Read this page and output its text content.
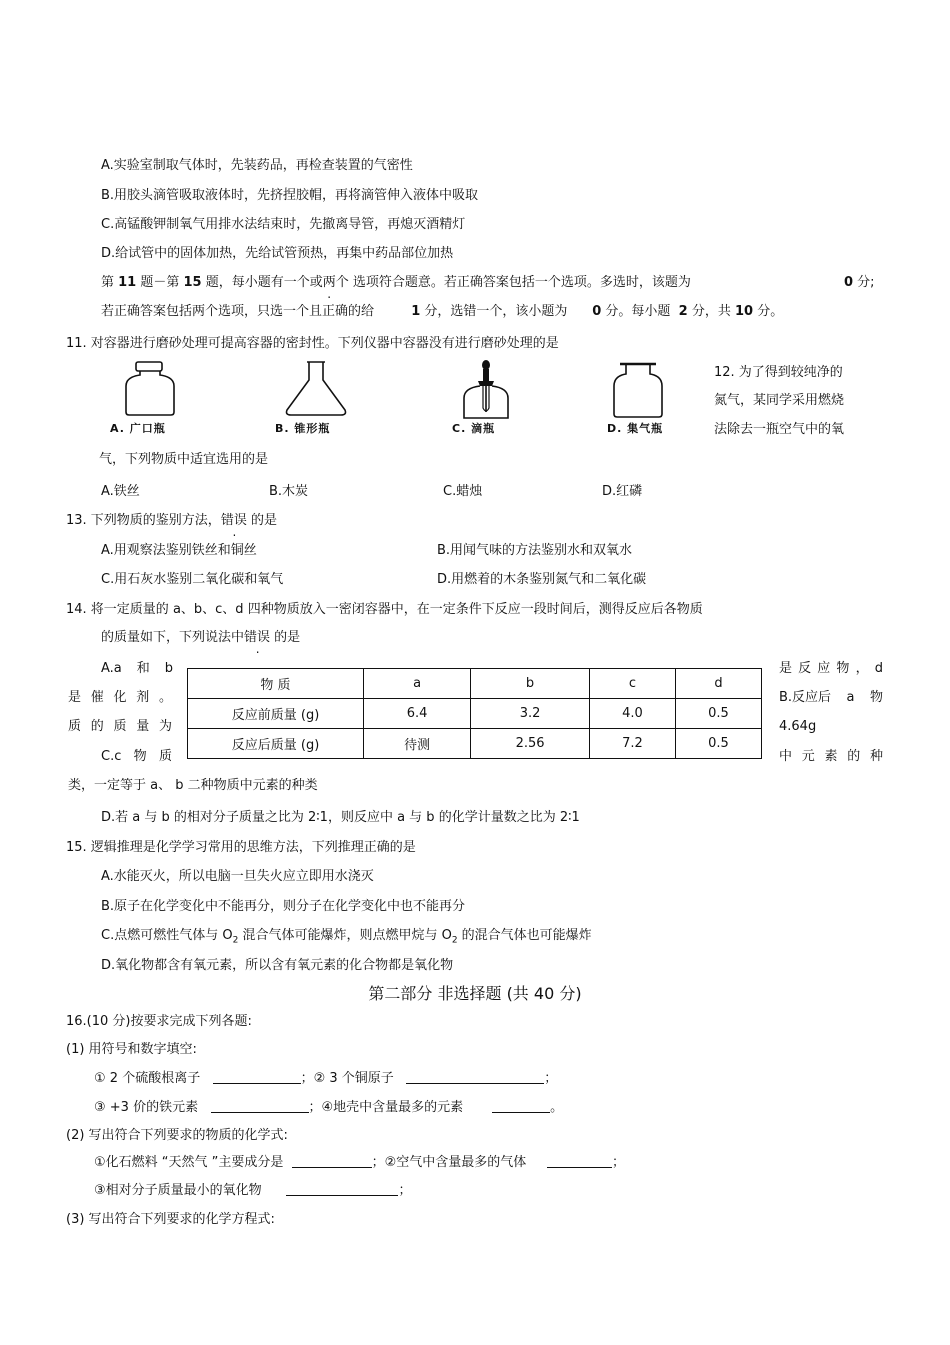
A.实验室制取气体时，先装药品，再检查装置的气密性
B.用胶头滴管吸取液体时，先挤捏胶帽，再将滴管伸入液体中吸取
C.高锰酸钾制氧气用排水法结束时，先撤离导管，再熄灭酒精灯
D.给试管中的固体加热，先给试管预热，再集中药品部位加热
第 11 题－第 15 题，每小题有一个或两个 选项符合题意。若正确答案包括一个选项。多选时，该题为	0 分;
若正确答案包括两个选项，只选一个且正确的给	1 分，选错一个，该小题为 0 分。每小题 2 分，共 10 分。
11. 对容器进行磨砂处理可提高容器的密封性。下列仪器中容器没有进行磨砂处理的是
A. 广口瓶	B. 锥形瓶	C. 滴瓶	D. 集气瓶
12. 为了得到较纯净的
氮气，某同学采用燃烧
法除去一瓶空气中的氧
气，下列物质中适宜选用的是
A.铁丝	B.木炭	C.蜡烛	D.红磷
13. 下列物质的鉴别方法，错误 的是
A.用观察法鉴别铁丝和铜丝	B.用闻气味的方法鉴别水和双氧水
C.用石灰水鉴别二氧化碳和氧气	D.用燃着的木条鉴别氮气和二氧化碳
14. 将一定质量的 a、b、c、d 四种物质放入一密闭容器中，在一定条件下反应一段时间后，测得反应后各物质
的质量如下，下列说法中错误 的是
A.a 和 b
是 催 化 剂 。
质 的 质 量 为
C.c 物 质
物 质	a	b	c	d
反应前质量 (g)	6.4	3.2	4.0	0.5
反应后质量 (g)	待测	2.56	7.2	0.5
是 反 应 物 ， d
B.反应后 a 物
4.64g
中 元 素 的 种
类，一定等于 a、 b 二种物质中元素的种类
D.若 a 与 b 的相对分子质量之比为 2∶1，则反应中 a 与 b 的化学计量数之比为 2∶1
15. 逻辑推理是化学学习常用的思维方法，下列推理正确的是
A.水能灭火，所以电脑一旦失火应立即用水浇灭
B.原子在化学变化中不能再分，则分子在化学变化中也不能再分
C.点燃可燃性气体与 $O_2$ 混合气体可能爆炸，则点燃甲烷与 $O_2$ 的混合气体也可能爆炸
D.氧化物都含有氧元素，所以含有氧元素的化合物都是氧化物
第二部分 非选择题 (共 40 分)
16.(10 分)按要求完成下列各题:
(1) 用符号和数字填空:
① 2 个硫酸根离子	；② 3 个铜原子	；
③ +3 价的铁元素	；④地壳中含量最多的元素	。
(2) 写出符合下列要求的物质的化学式:
①化石燃料 “天然气 ”主要成分是	；②空气中含量最多的气体	；
③相对分子质量最小的氧化物	；
(3) 写出符合下列要求的化学方程式:
